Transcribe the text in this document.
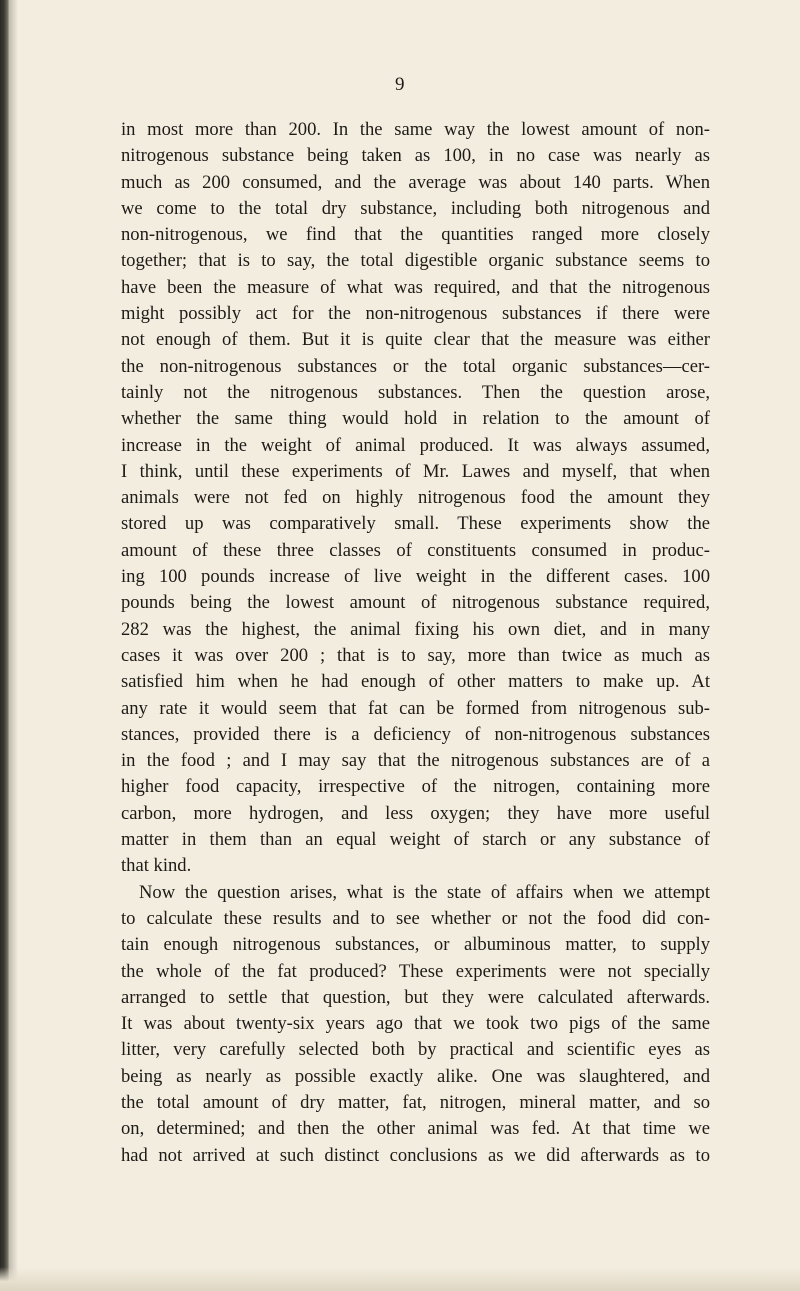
9
in most more than 200. In the same way the lowest amount of non-
nitrogenous substance being taken as 100, in no case was nearly as
much as 200 consumed, and the average was about 140 parts. When
we come to the total dry substance, including both nitrogenous and
non-nitrogenous, we find that the quantities ranged more closely
together; that is to say, the total digestible organic substance seems to
have been the measure of what was required, and that the nitrogenous
might possibly act for the non-nitrogenous substances if there were
not enough of them. But it is quite clear that the measure was either
the non-nitrogenous substances or the total organic substances—cer-
tainly not the nitrogenous substances. Then the question arose,
whether the same thing would hold in relation to the amount of
increase in the weight of animal produced. It was always assumed,
I think, until these experiments of Mr. Lawes and myself, that when
animals were not fed on highly nitrogenous food the amount they
stored up was comparatively small. These experiments show the
amount of these three classes of constituents consumed in produc-
ing 100 pounds increase of live weight in the different cases. 100
pounds being the lowest amount of nitrogenous substance required,
282 was the highest, the animal fixing his own diet, and in many
cases it was over 200 ; that is to say, more than twice as much as
satisfied him when he had enough of other matters to make up. At
any rate it would seem that fat can be formed from nitrogenous sub-
stances, provided there is a deficiency of non-nitrogenous substances
in the food ; and I may say that the nitrogenous substances are of a
higher food capacity, irrespective of the nitrogen, containing more
carbon, more hydrogen, and less oxygen; they have more useful
matter in them than an equal weight of starch or any substance of
that kind.
Now the question arises, what is the state of affairs when we attempt
to calculate these results and to see whether or not the food did con-
tain enough nitrogenous substances, or albuminous matter, to supply
the whole of the fat produced? These experiments were not specially
arranged to settle that question, but they were calculated afterwards.
It was about twenty-six years ago that we took two pigs of the same
litter, very carefully selected both by practical and scientific eyes as
being as nearly as possible exactly alike. One was slaughtered, and
the total amount of dry matter, fat, nitrogen, mineral matter, and so
on, determined; and then the other animal was fed. At that time we
had not arrived at such distinct conclusions as we did afterwards as to
